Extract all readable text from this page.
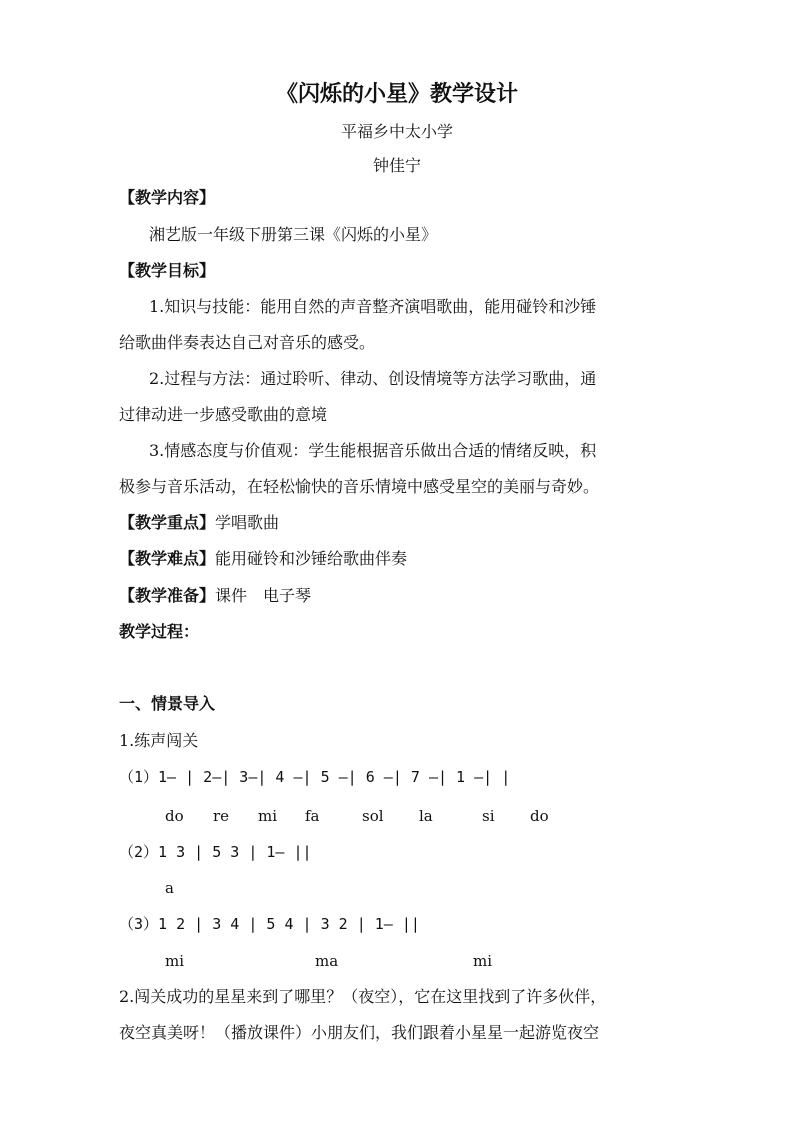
《闪烁的小星》教学设计
平福乡中太小学
钟佳宁
【教学内容】
湘艺版一年级下册第三课《闪烁的小星》
【教学目标】
1.知识与技能：能用自然的声音整齐演唱歌曲，能用碰铃和沙锤
给歌曲伴奏表达自己对音乐的感受。
2.过程与方法：通过聆听、律动、创设情境等方法学习歌曲，通
过律动进一步感受歌曲的意境
3.情感态度与价值观：学生能根据音乐做出合适的情绪反映，积
极参与音乐活动，在轻松愉快的音乐情境中感受星空的美丽与奇妙。
【教学重点】学唱歌曲
【教学难点】能用碰铃和沙锤给歌曲伴奏
【教学准备】课件　电子琴
教学过程：
一、情景导入
1.练声闯关
（1）1— | 2—| 3—| 4 —| 5 —| 6 —| 7 —| 1 —| |
do re mi fa	sol la	si do
（2）1 3 | 5 3 | 1— ||
a
（3）1 2 | 3 4 | 5 4 | 3 2 | 1— ||
mi	ma	mi
2.闯关成功的星星来到了哪里？（夜空），它在这里找到了许多伙伴，
夜空真美呀！（播放课件）小朋友们，我们跟着小星星一起游览夜空
